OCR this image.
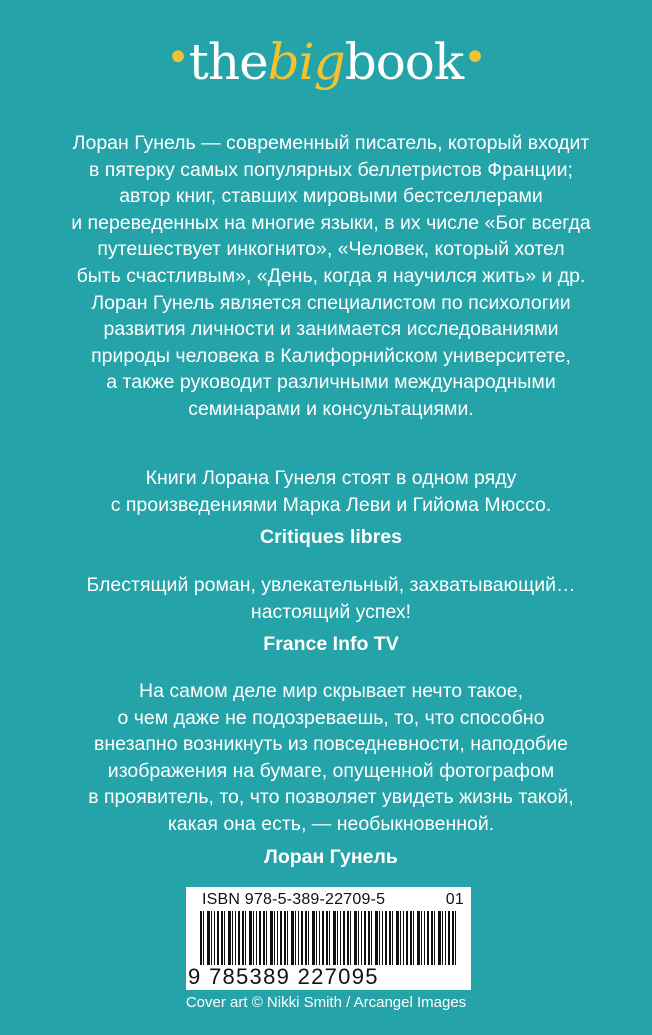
•thebigbook•
Лоран Гунель — современный писатель, который входит
в пятерку самых популярных беллетристов Франции;
автор книг, ставших мировыми бестселлерами
и переведенных на многие языки, в их числе «Бог всегда
путешествует инкогнито», «Человек, который хотел
быть счастливым», «День, когда я научился жить» и др.
Лоран Гунель является специалистом по психологии
развития личности и занимается исследованиями
природы человека в Калифорнийском университете,
а также руководит различными международными
семинарами и консультациями.
Книги Лорана Гунеля стоят в одном ряду
с произведениями Марка Леви и Гийома Мюссо.
Critiques libres
Блестящий роман, увлекательный, захватывающий…
настоящий успех!
France Info TV
На самом деле мир скрывает нечто такое,
о чем даже не подозреваешь, то, что способно
внезапно возникнуть из повседневности, наподобие
изображения на бумаге, опущенной фотографом
в проявитель, то, что позволяет увидеть жизнь такой,
какая она есть, — необыкновенной.
Лоран Гунель
ISBN 978-5-389-22709-5	01
9 785389 227095
Cover art © Nikki Smith / Arcangel Images
